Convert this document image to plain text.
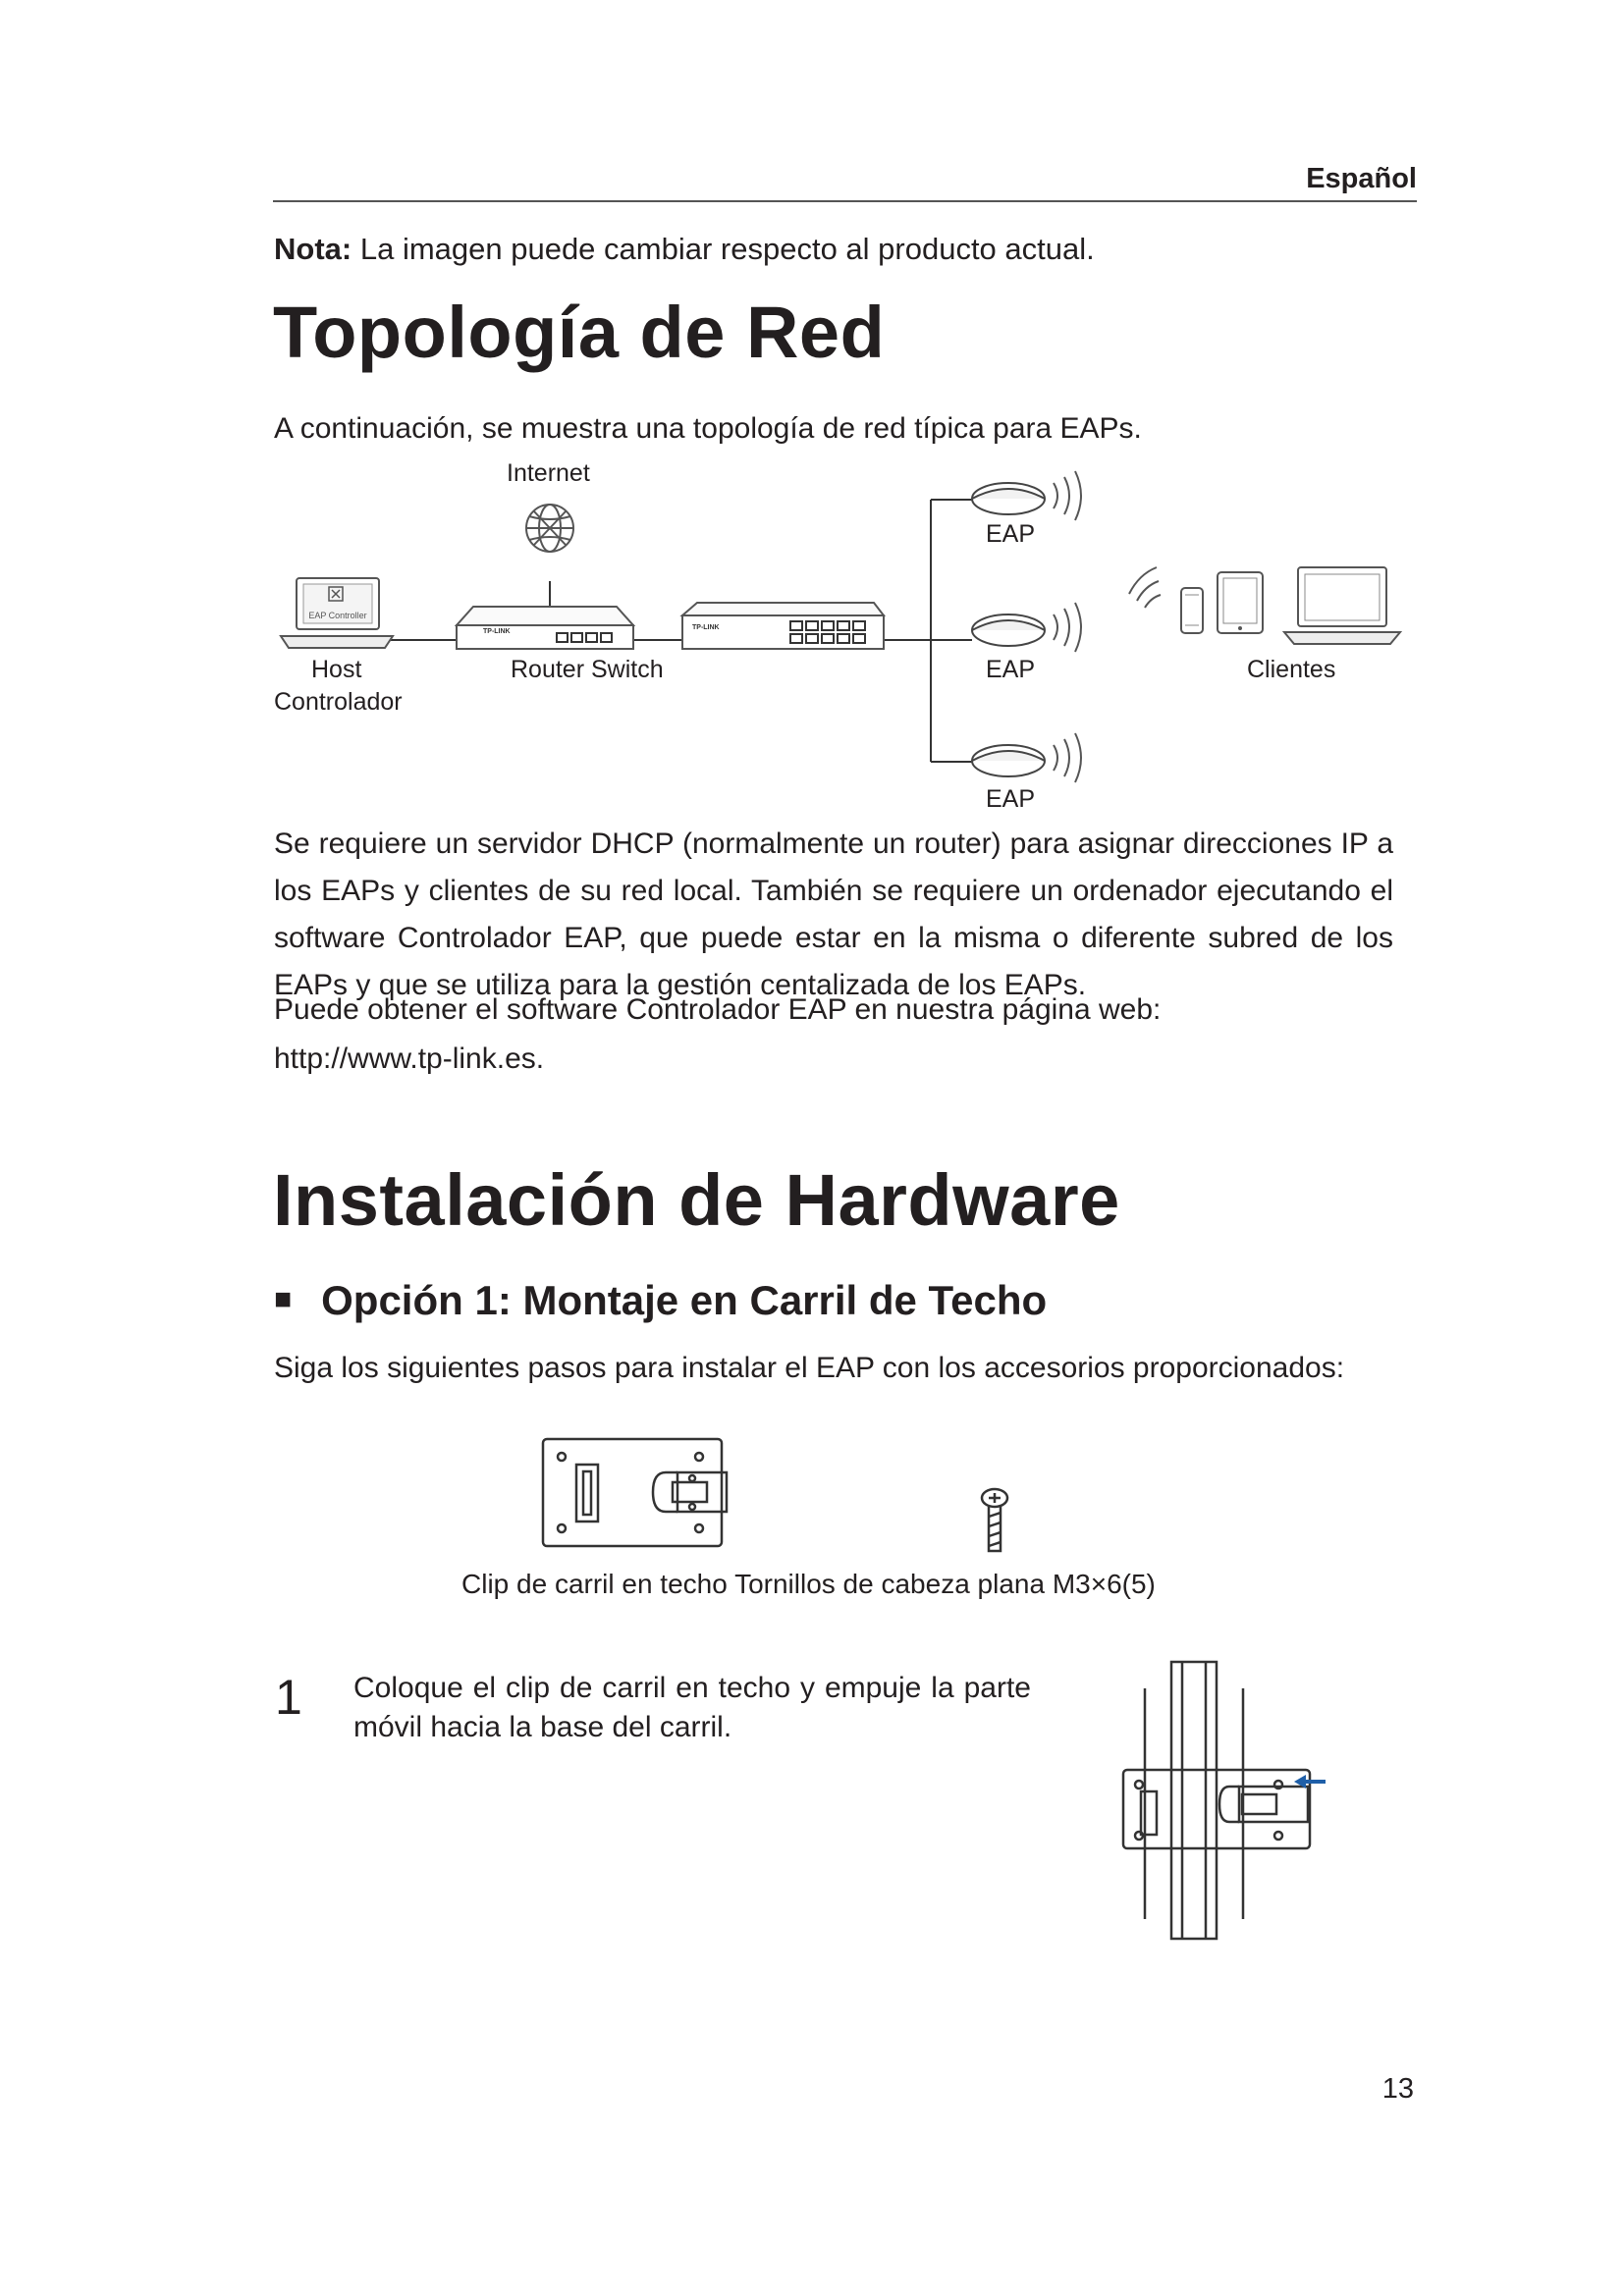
Español
Nota: La imagen puede cambiar respecto al producto actual.
Topología de Red
A continuación, se muestra una topología de red típica para EAPs.
EAP Controller
TP-LINK
TP-LINK
Internet
Host
Controlador
Router Switch
EAP
EAP
EAP
Clientes
Se requiere un servidor DHCP (normalmente un router) para asignar direcciones IP a los EAPs y clientes de su red local. También se requiere un ordenador ejecutando el software Controlador EAP, que puede estar en la misma o diferente subred de los EAPs y que se utiliza para la gestión centalizada de los EAPs.
Puede obtener el software Controlador EAP en nuestra página web:
http://www.tp-link.es.
Instalación de Hardware
■ Opción 1: Montaje en Carril de Techo
Siga los siguientes pasos para instalar el EAP con los accesorios proporcionados:
Clip de carril en techo Tornillos de cabeza plana M3×6(5)
1 Coloque el clip de carril en techo y empuje la parte móvil hacia la base del carril.
13
